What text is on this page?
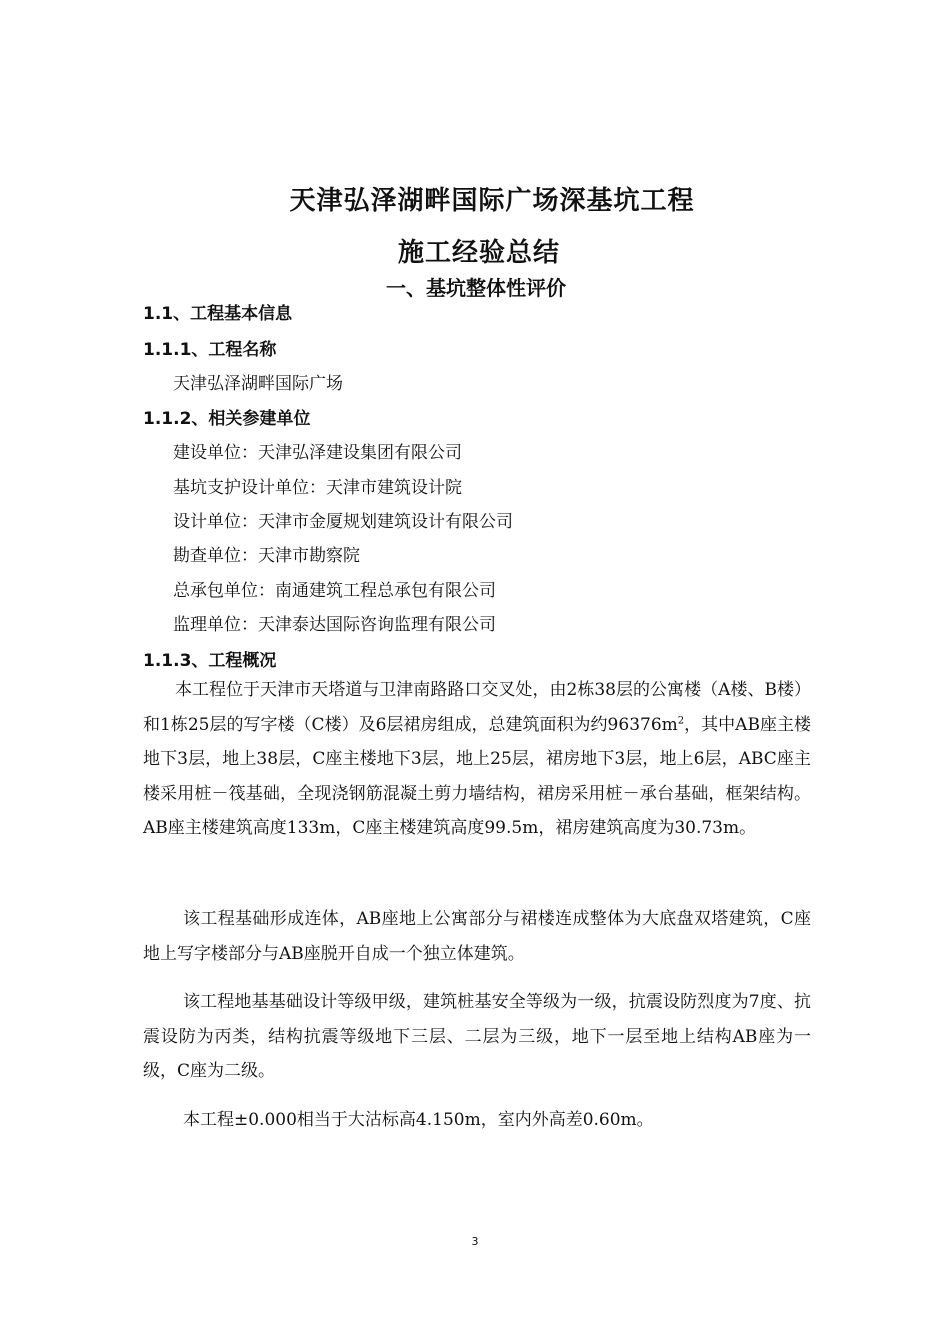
天津弘泽湖畔国际广场深基坑工程
施工经验总结
一、基坑整体性评价
1.1、工程基本信息
1.1.1、工程名称
天津弘泽湖畔国际广场
1.1.2、相关参建单位
建设单位：天津弘泽建设集团有限公司
基坑支护设计单位：天津市建筑设计院
设计单位：天津市金厦规划建筑设计有限公司
勘查单位：天津市勘察院
总承包单位：南通建筑工程总承包有限公司
监理单位：天津泰达国际咨询监理有限公司
1.1.3、工程概况
本工程位于天津市天塔道与卫津南路路口交叉处，由2栋38层的公寓楼（A楼、B楼）和1栋25层的写字楼（C楼）及6层裙房组成，总建筑面积为约$96376m^2$，其中AB座主楼地下3层，地上38层，C座主楼地下3层，地上25层，裙房地下3层，地上6层，ABC座主楼采用桩－筏基础，全现浇钢筋混凝土剪力墙结构，裙房采用桩－承台基础，框架结构。AB座主楼建筑高度133m，C座主楼建筑高度99.5m，裙房建筑高度为30.73m。
该工程基础形成连体，AB座地上公寓部分与裙楼连成整体为大底盘双塔建筑，C座地上写字楼部分与AB座脱开自成一个独立体建筑。
该工程地基基础设计等级甲级，建筑桩基安全等级为一级，抗震设防烈度为7度、抗震设防为丙类，结构抗震等级地下三层、二层为三级，地下一层至地上结构AB座为一级，C座为二级。
本工程±0.000相当于大沽标高4.150m，室内外高差0.60m。
3
